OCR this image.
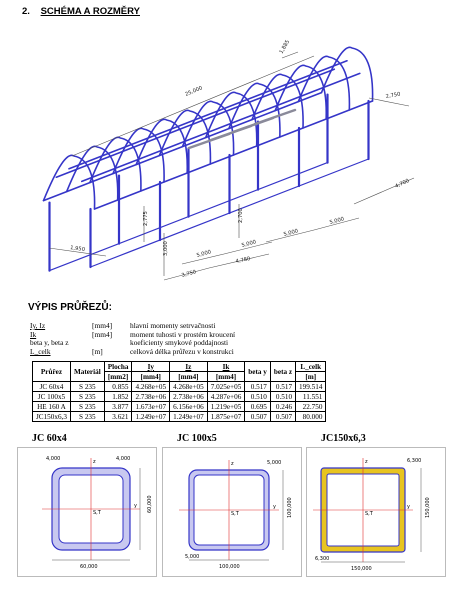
2. SCHÉMA A ROZMĚRY
25,000
1,885
2,750
4,700
2,700
2,775
3,000
5,000
5,000
5,000
5,000
1,950
4,780
3,750
VÝPIS PRŮŘEZŮ:
Iy, Iz	[mm4] hlavní momenty setrvačnosti
Ik	[mm4] moment tuhosti v prostém kroucení
beta y, beta z	koeficienty smykové poddajnosti
L_celk	[m]	celková délka průřezu v konstrukci
Průřez	Materiál	Plocha	Iy	Iz	Ik	beta y	beta z	L_celk
		[mm2]	[mm4]	[mm4]	[mm4]			[m]
JC 60x4	S 235	0.855	4.268e+05	4.268e+05	7.025e+05	0.517	0.517	199.514
JC 100x5	S 235	1.852	2.738e+06	2.738e+06	4.287e+06	0.510	0.510	11.551
HE 160 A	S 235	3.877	1.673e+07	6.156e+06	1.219e+05	0.695	0.246	22.750
JC150x6,3	S 235	3.621	1.249e+07	1.249e+07	1.875e+07	0.507	0.507	80.000
JC 60x4	JC 100x5	JC150x6,3
z
y
S,T
60,000
60,000
4,000	4,000
z
y
S,T
100,000
5,000
100,000
5,000	z
y
S,T
150,000
6,300
150,000
6,300
